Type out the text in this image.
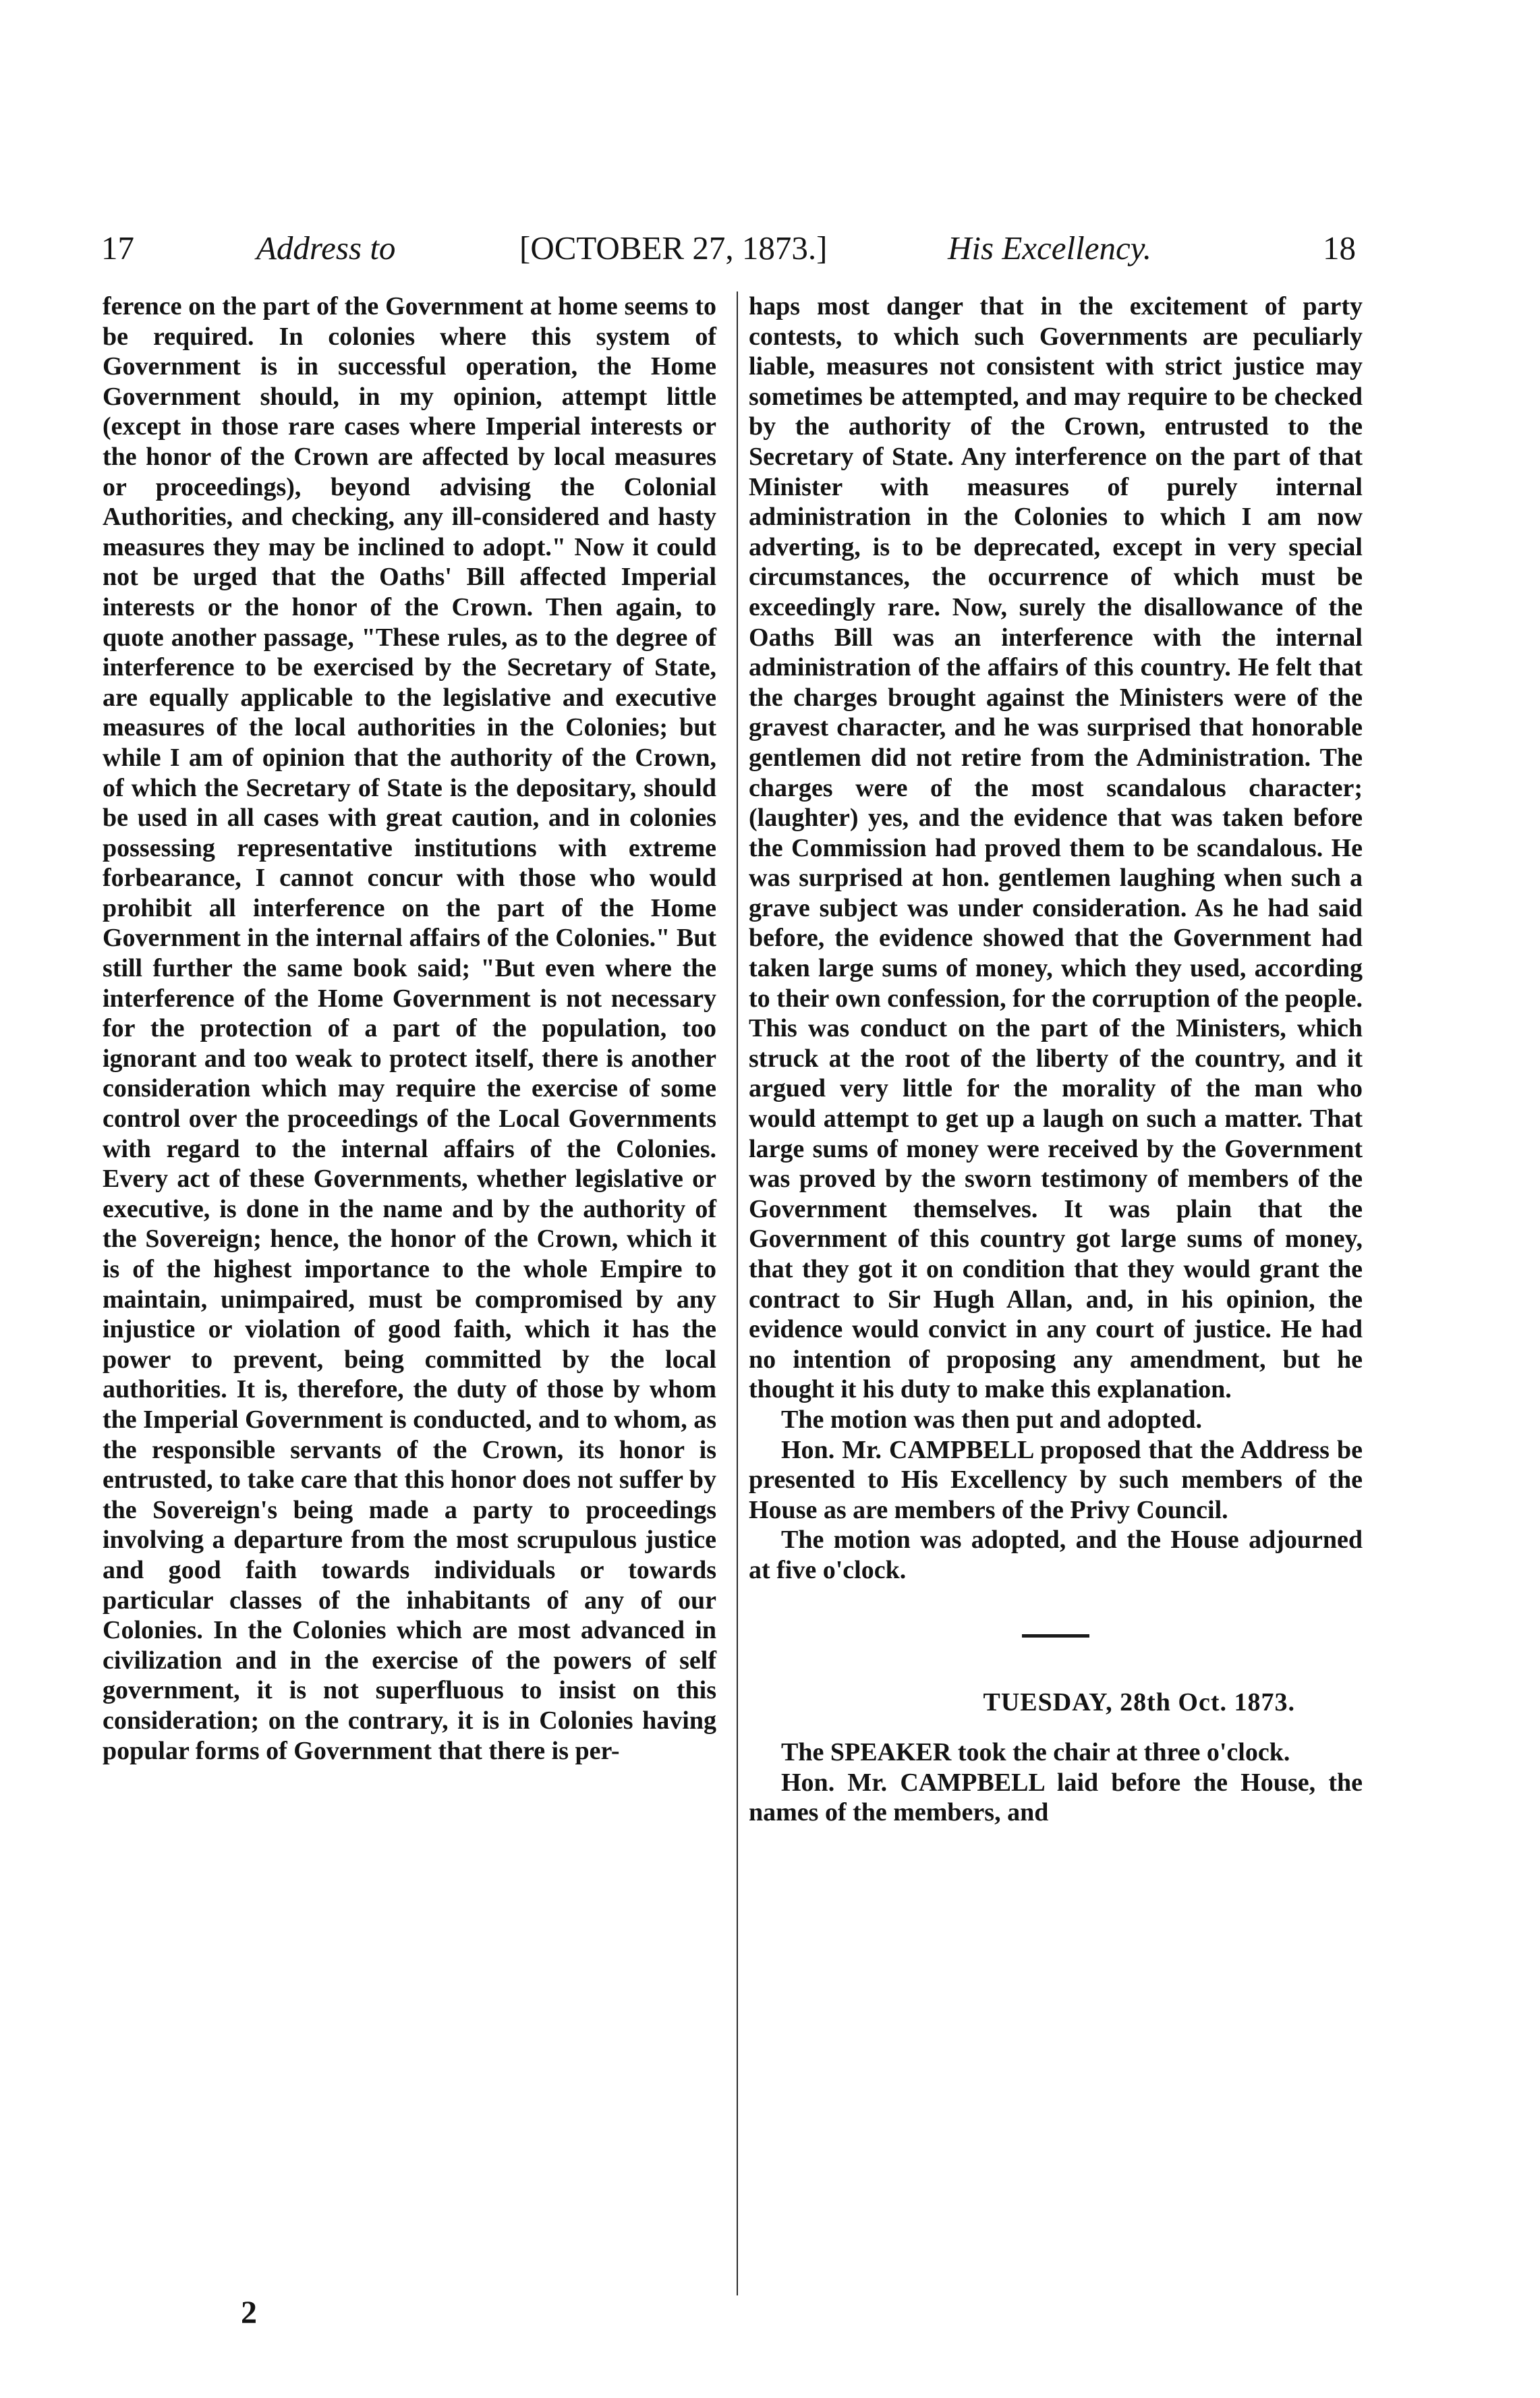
17	Address to	[OCTOBER 27, 1873.]	His Excellency.	18

ference on the part of the Government at home seems to be required. In colonies where this system of Government is in successful operation, the Home Government should, in my opinion, attempt little (except in those rare cases where Imperial interests or the honor of the Crown are affected by local measures or proceedings), beyond advising the Colonial Authorities, and checking, any ill-considered and hasty measures they may be inclined to adopt." Now it could not be urged that the Oaths' Bill affected Imperial interests or the honor of the Crown. Then again, to quote another passage, "These rules, as to the degree of interference to be exercised by the Secretary of State, are equally applicable to the legislative and executive measures of the local authorities in the Colonies; but while I am of opinion that the authority of the Crown, of which the Secretary of State is the depositary, should be used in all cases with great caution, and in colonies possessing representative institutions with extreme forbearance, I cannot concur with those who would prohibit all interference on the part of the Home Government in the internal affairs of the Colonies." But still further the same book said; "But even where the interference of the Home Government is not necessary for the protection of a part of the population, too ignorant and too weak to protect itself, there is another consideration which may require the exercise of some control over the proceedings of the Local Governments with regard to the internal affairs of the Colonies. Every act of these Governments, whether legislative or executive, is done in the name and by the authority of the Sovereign; hence, the honor of the Crown, which it is of the highest importance to the whole Empire to maintain, unimpaired, must be compromised by any injustice or violation of good faith, which it has the power to prevent, being committed by the local authorities. It is, therefore, the duty of those by whom the Imperial Government is conducted, and to whom, as the responsible servants of the Crown, its honor is entrusted, to take care that this honor does not suffer by the Sovereign's being made a party to proceedings involving a departure from the most scrupulous justice and good faith towards individuals or towards particular classes of the inhabitants of any of our Colonies. In the Colonies which are most advanced in civilization and in the exercise of the powers of self government, it is not superfluous to insist on this consideration; on the contrary, it is in Colonies having popular forms of Government that there is per-

haps most danger that in the excitement of party contests, to which such Governments are peculiarly liable, measures not consistent with strict justice may sometimes be attempted, and may require to be checked by the authority of the Crown, entrusted to the Secretary of State. Any interference on the part of that Minister with measures of purely internal administration in the Colonies to which I am now adverting, is to be deprecated, except in very special circumstances, the occurrence of which must be exceedingly rare. Now, surely the disallowance of the Oaths Bill was an interference with the internal administration of the affairs of this country. He felt that the charges brought against the Ministers were of the gravest character, and he was surprised that honorable gentlemen did not retire from the Administration. The charges were of the most scandalous character; (laughter) yes, and the evidence that was taken before the Commission had proved them to be scandalous. He was surprised at hon. gentlemen laughing when such a grave subject was under consideration. As he had said before, the evidence showed that the Government had taken large sums of money, which they used, according to their own confession, for the corruption of the people. This was conduct on the part of the Ministers, which struck at the root of the liberty of the country, and it argued very little for the morality of the man who would attempt to get up a laugh on such a matter. That large sums of money were received by the Government was proved by the sworn testimony of members of the Government themselves. It was plain that the Government of this country got large sums of money, that they got it on condition that they would grant the contract to Sir Hugh Allan, and, in his opinion, the evidence would convict in any court of justice. He had no intention of proposing any amendment, but he thought it his duty to make this explanation.

The motion was then put and adopted.

Hon. Mr. CAMPBELL proposed that the Address be presented to His Excellency by such members of the House as are members of the Privy Council.

The motion was adopted, and the House adjourned at five o'clock.

TUESDAY, 28th Oct. 1873.

The SPEAKER took the chair at three o'clock.

Hon. Mr. CAMPBELL laid before the House, the names of the members, and

2
